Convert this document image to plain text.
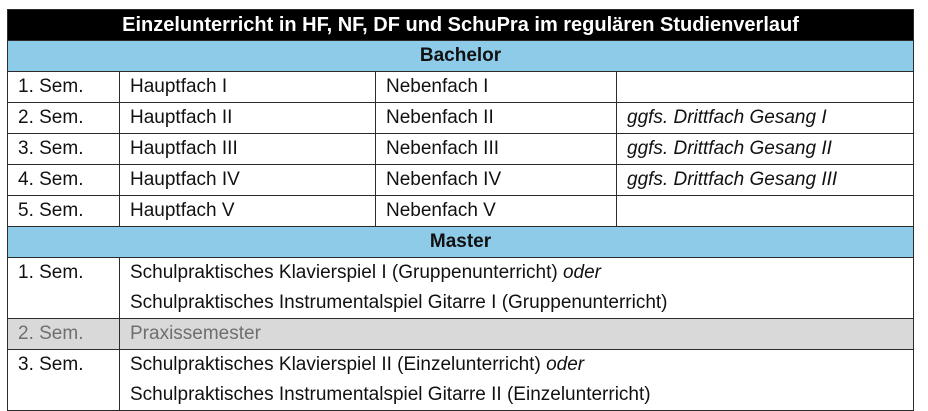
Einzelunterricht in HF, NF, DF und SchuPra im regulären Studienverlauf			
Bachelor			
1. Sem.	Hauptfach I	Nebenfach I	
2. Sem.	Hauptfach II	Nebenfach II	ggfs. Drittfach Gesang I
3. Sem.	Hauptfach III	Nebenfach III	ggfs. Drittfach Gesang II
4. Sem.	Hauptfach IV	Nebenfach IV	ggfs. Drittfach Gesang III
5. Sem.	Hauptfach V	Nebenfach V	
Master			
1. Sem.	Schulpraktisches Klavierspiel I (Gruppenunterricht) oder
Schulpraktisches Instrumentalspiel Gitarre I (Gruppenunterricht)		

2. Sem.	Praxissemester		
3. Sem.	Schulpraktisches Klavierspiel II (Einzelunterricht) oder
Schulpraktisches Instrumentalspiel Gitarre II (Einzelunterricht)		
